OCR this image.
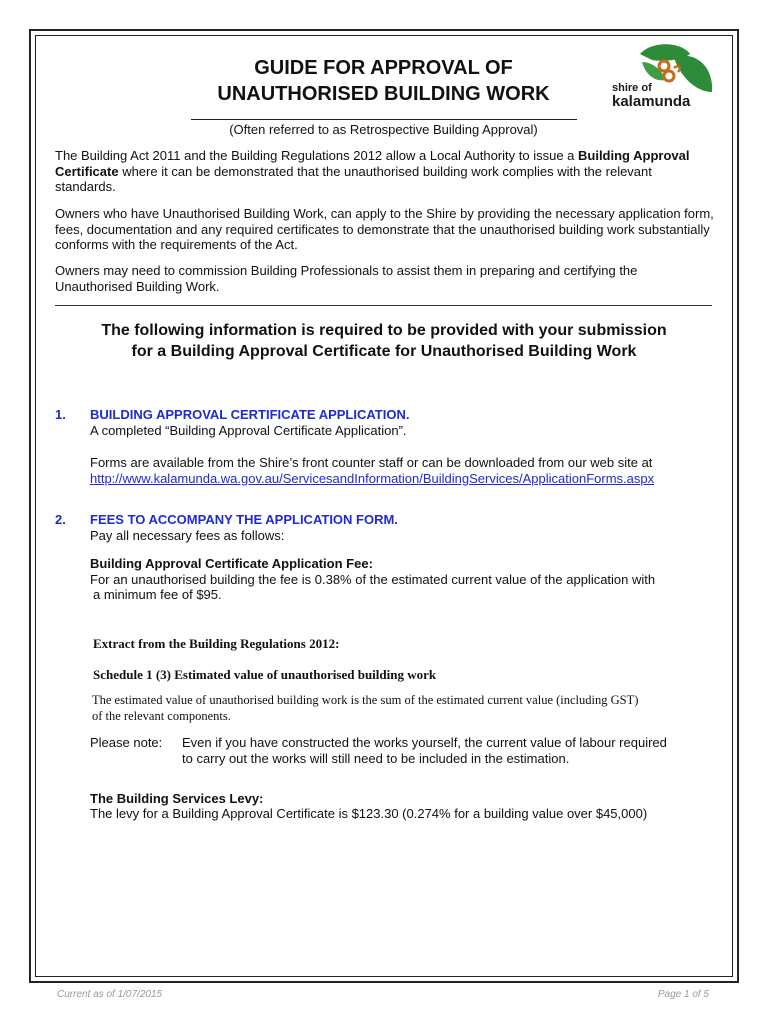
GUIDE FOR APPROVAL OF
UNAUTHORISED BUILDING WORK	shire of
kalamunda
(Often referred to as Retrospective Building Approval)
The Building Act 2011 and the Building Regulations 2012 allow a Local Authority to issue a Building Approval Certificate where it can be demonstrated that the unauthorised building work complies with the relevant standards.
Owners who have Unauthorised Building Work, can apply to the Shire by providing the necessary application form, fees, documentation and any required certificates to demonstrate that the unauthorised building work substantially conforms with the requirements of the Act.
Owners may need to commission Building Professionals to assist them in preparing and certifying the Unauthorised Building Work.
The following information is required to be provided with your submission
for a Building Approval Certificate for Unauthorised Building Work
1. BUILDING APPROVAL CERTIFICATE APPLICATION.
A completed “Building Approval Certificate Application”.
Forms are available from the Shire’s front counter staff or can be downloaded from our web site at
http://www.kalamunda.wa.gov.au/ServicesandInformation/BuildingServices/ApplicationForms.aspx
2. FEES TO ACCOMPANY THE APPLICATION FORM.
Pay all necessary fees as follows:
Building Approval Certificate Application Fee:
For an unauthorised building the fee is 0.38% of the estimated current value of the application with
a minimum fee of $95.
Extract from the Building Regulations 2012:
Schedule 1 (3) Estimated value of unauthorised building work
The estimated value of unauthorised building work is the sum of the estimated current value (including GST)
of the relevant components.
Please note:	Even if you have constructed the works yourself, the current value of labour required
to carry out the works will still need to be included in the estimation.
The Building Services Levy:
The levy for a Building Approval Certificate is $123.30 (0.274% for a building value over $45,000)
Current as of 1/07/2015	Page 1 of 5
